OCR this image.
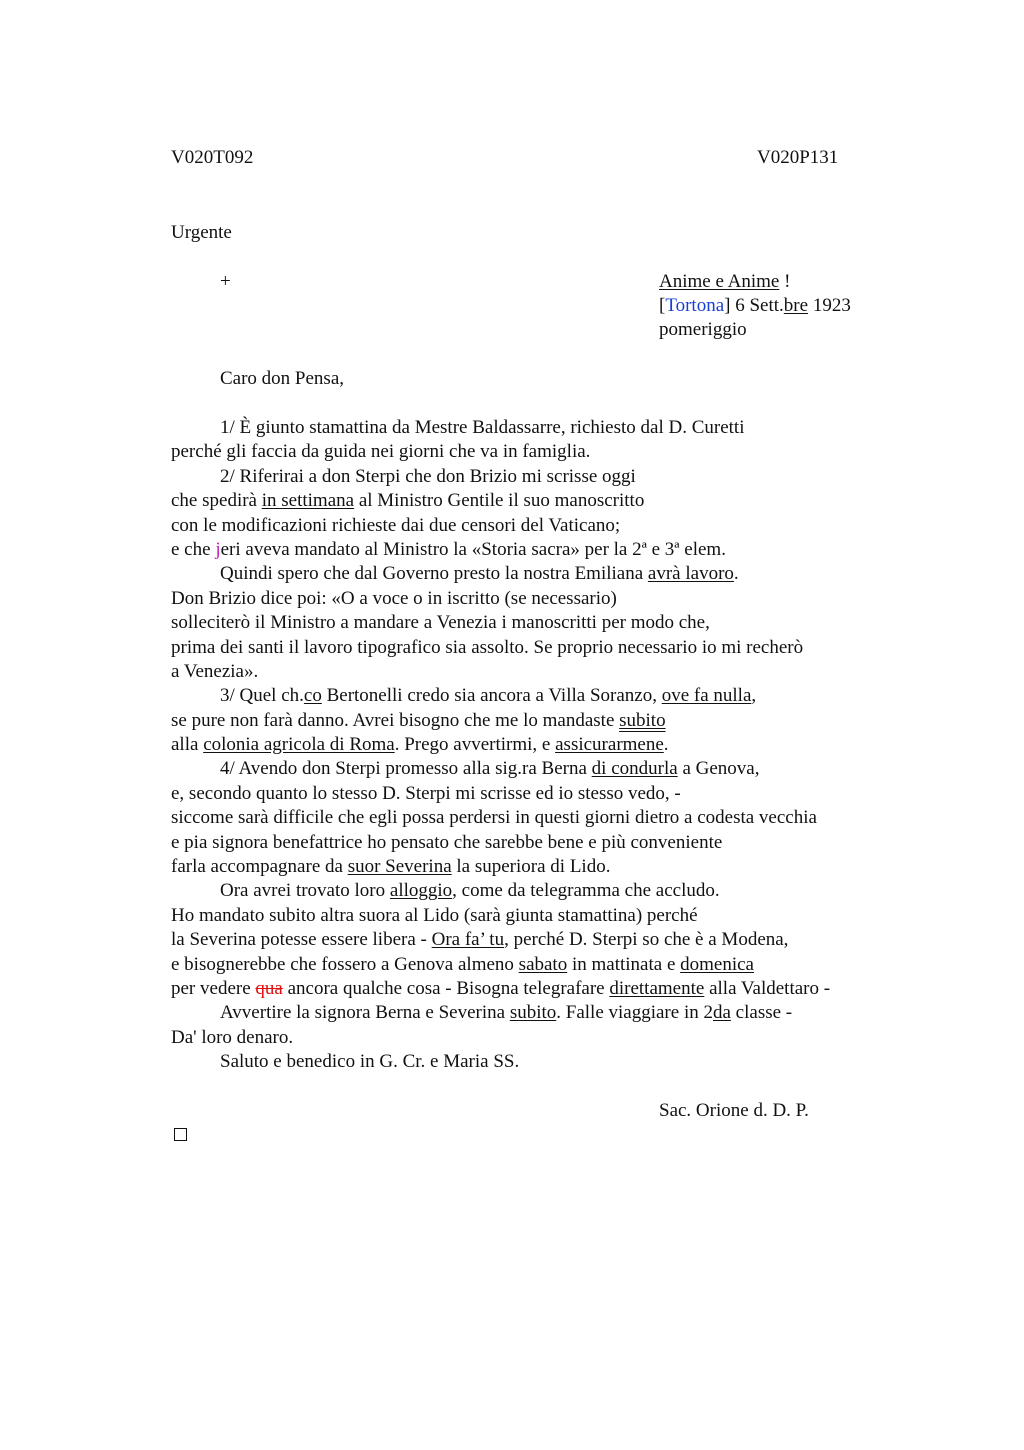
V020T092	V020P131
Urgente
+	Anime e Anime !
[Tortona] 6 Sett.bre 1923
pomeriggio
Caro don Pensa,
1/ È giunto stamattina da Mestre Baldassarre, richiesto dal D. Curetti
perché gli faccia da guida nei giorni che va in famiglia.
2/ Riferirai a don Sterpi che don Brizio mi scrisse oggi
che spedirà in settimana al Ministro Gentile il suo manoscritto
con le modificazioni richieste dai due censori del Vaticano;
e che jeri aveva mandato al Ministro la «Storia sacra» per la 2ª e 3ª elem.
Quindi spero che dal Governo presto la nostra Emiliana avrà lavoro.
Don Brizio dice poi: «O a voce o in iscritto (se necessario)
solleciterò il Ministro a mandare a Venezia i manoscritti per modo che,
prima dei santi il lavoro tipografico sia assolto. Se proprio necessario io mi recherò
a Venezia».
3/ Quel ch.co Bertonelli credo sia ancora a Villa Soranzo, ove fa nulla,
se pure non farà danno. Avrei bisogno che me lo mandaste subito
alla colonia agricola di Roma. Prego avvertirmi, e assicurarmene.
4/ Avendo don Sterpi promesso alla sig.ra Berna di condurla a Genova,
e, secondo quanto lo stesso D. Sterpi mi scrisse ed io stesso vedo, -
siccome sarà difficile che egli possa perdersi in questi giorni dietro a codesta vecchia
e pia signora benefattrice ho pensato che sarebbe bene e più conveniente
farla accompagnare da suor Severina la superiora di Lido.
Ora avrei trovato loro alloggio, come da telegramma che accludo.
Ho mandato subito altra suora al Lido (sarà giunta stamattina) perché
la Severina potesse essere libera - Ora fa’ tu, perché D. Sterpi so che è a Modena,
e bisognerebbe che fossero a Genova almeno sabato in mattinata e domenica
per vedere qua ancora qualche cosa - Bisogna telegrafare direttamente alla Valdettaro -
Avvertire la signora Berna e Severina subito. Falle viaggiare in 2da classe -
Da' loro denaro.
Saluto e benedico in G. Cr. e Maria SS.
Sac. Orione d. D. P.
